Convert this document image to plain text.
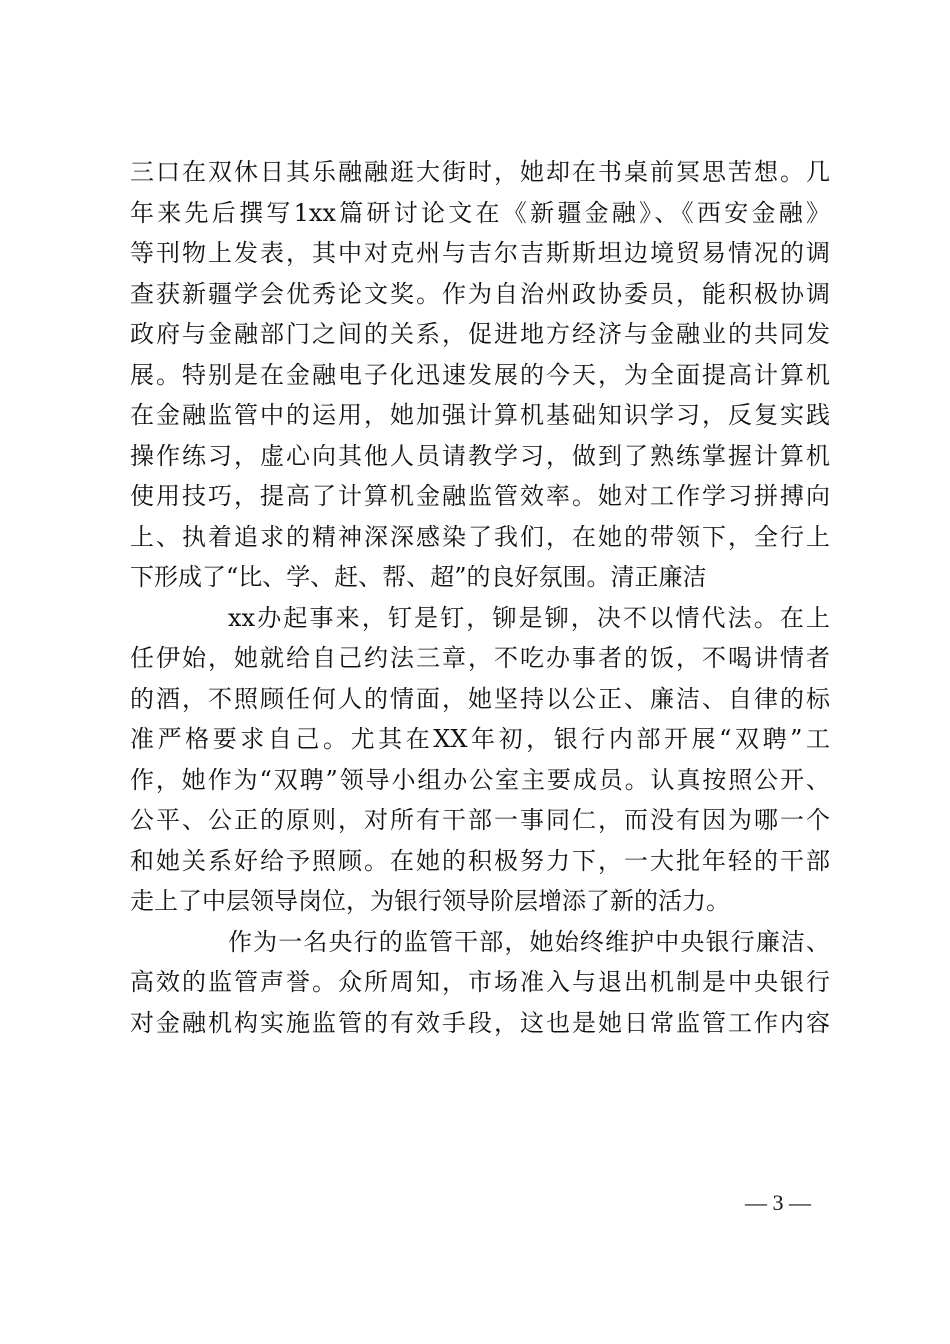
三口在双休日其乐融融逛大街时，她却在书桌前冥思苦想。几
年来先后撰写1xx篇研讨论文在《新疆金融》、《西安金融》
等刊物上发表，其中对克州与吉尔吉斯斯坦边境贸易情况的调
查获新疆学会优秀论文奖。作为自治州政协委员，能积极协调
政府与金融部门之间的关系，促进地方经济与金融业的共同发
展。特别是在金融电子化迅速发展的今天，为全面提高计算机
在金融监管中的运用，她加强计算机基础知识学习，反复实践
操作练习，虚心向其他人员请教学习，做到了熟练掌握计算机
使用技巧，提高了计算机金融监管效率。她对工作学习拼搏向
上、执着追求的精神深深感染了我们，在她的带领下，全行上
下形成了“比、学、赶、帮、超”的良好氛围。清正廉洁
xx办起事来，钉是钉，铆是铆，决不以情代法。在上
任伊始，她就给自己约法三章，不吃办事者的饭，不喝讲情者
的酒，不照顾任何人的情面，她坚持以公正、廉洁、自律的标
准严格要求自己。尤其在XX年初，银行内部开展“双聘”工
作，她作为“双聘”领导小组办公室主要成员。认真按照公开、
公平、公正的原则，对所有干部一事同仁，而没有因为哪一个
和她关系好给予照顾。在她的积极努力下，一大批年轻的干部
走上了中层领导岗位，为银行领导阶层增添了新的活力。
作为一名央行的监管干部，她始终维护中央银行廉洁、
高效的监管声誉。众所周知，市场准入与退出机制是中央银行
对金融机构实施监管的有效手段，这也是她日常监管工作内容
— 3 —
